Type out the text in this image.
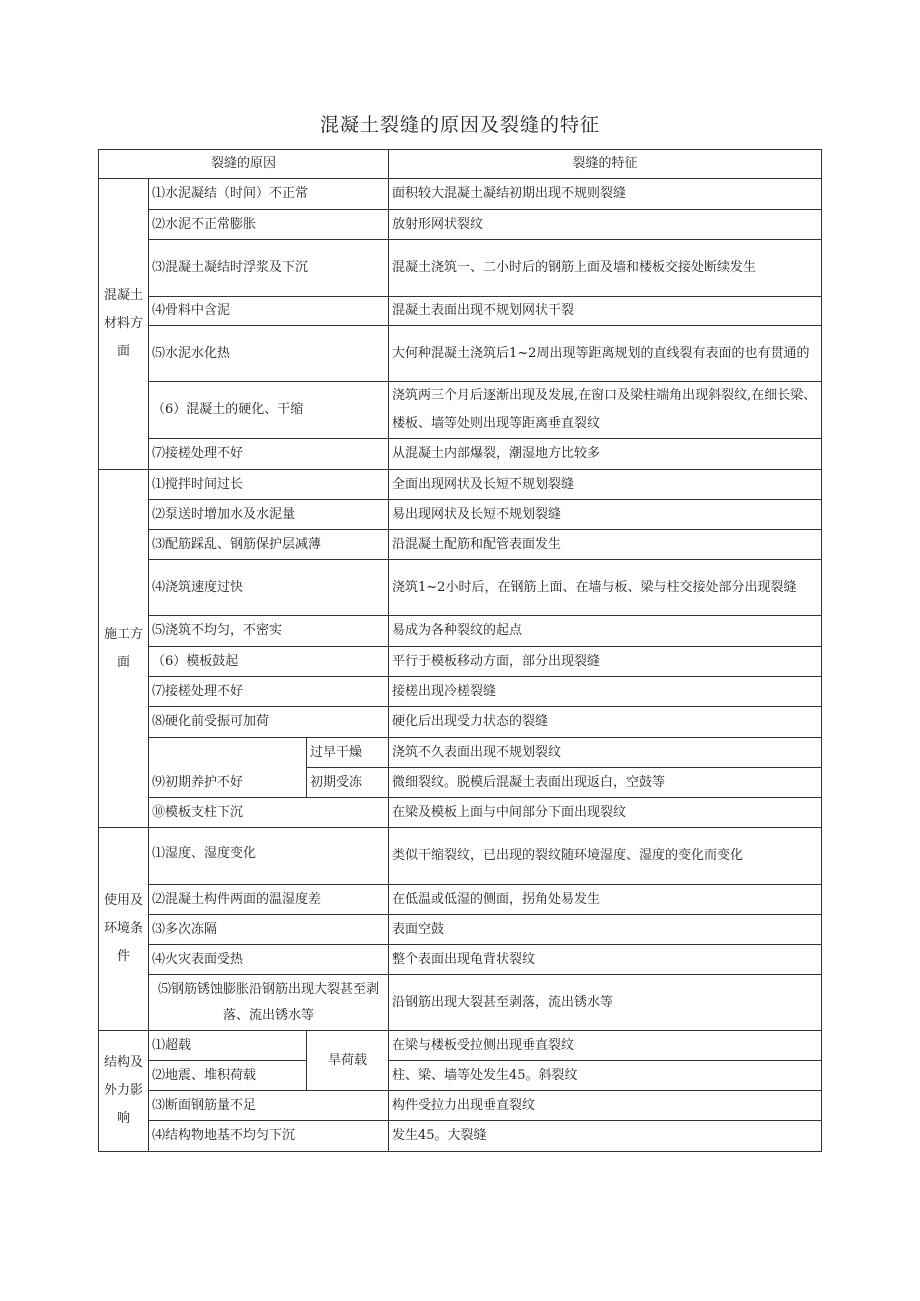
混凝土裂缝的原因及裂缝的特征
裂缝的原因			裂缝的特征
混凝土材料方面	⑴水泥凝结（时间）不正常		面积较大混凝土凝结初期出现不规则裂缝
	⑵水泥不正常膨胀		放射形网状裂纹
	⑶混凝土凝结时浮浆及下沉		混凝土浇筑一、二小时后的钢筋上面及墙和楼板交接处断续发生
	⑷骨料中含泥		混凝土表面出现不规划网状干裂
	⑸水泥水化热		大何种混凝土浇筑后1~2周出现等距离规划的直线裂有表面的也有贯通的
	（6）混凝土的硬化、干缩		浇筑两三个月后逐渐出现及发展,在窗口及梁柱端角出现斜裂纹,在细长梁、楼板、墙等处则出现等距离垂直裂纹
	⑺接槎处理不好		从混凝土内部爆裂，潮湿地方比较多
施工方面	⑴搅拌时间过长		全面出现网状及长短不规划裂缝
	⑵泵送时增加水及水泥量		易出现网状及长短不规划裂缝
	⑶配筋踩乱、钢筋保护层减薄		沿混凝土配筋和配管表面发生
	⑷浇筑速度过快		浇筑1~2小时后，在钢筋上面、在墙与板、梁与柱交接处部分出现裂缝
	⑸浇筑不均匀，不密实		易成为各种裂纹的起点
	（6）模板鼓起		平行于模板移动方面，部分出现裂缝
	⑺接槎处理不好		接槎出现冷槎裂缝
	⑻硬化前受振可加荷		硬化后出现受力状态的裂缝
	⑼初期养护不好	过早干燥	浇筑不久表面出现不规划裂纹
		初期受冻	微细裂纹。脱模后混凝土表面出现返白，空鼓等
	⑩模板支柱下沉		在梁及模板上面与中间部分下面出现裂纹
使用及环境条件	⑴湿度、湿度变化		类似干缩裂纹，已出现的裂纹随环境湿度、湿度的变化而变化
	⑵混凝土构件两面的温湿度差		在低温或低湿的侧面，拐角处易发生
	⑶多次冻隔		表面空鼓
	⑷火灾表面受热		整个表面出现龟背状裂纹
	⑸钢筋锈蚀膨胀沿钢筋出现大裂甚至剥落、流出锈水等		沿钢筋出现大裂甚至剥落，流出锈水等
结构及外力影响	⑴超载	旱荷载	在梁与楼板受拉侧出现垂直裂纹
	⑵地震、堆积荷载		柱、梁、墙等处发生45。斜裂纹
	⑶断面钢筋量不足		构件受拉力出现垂直裂纹
	⑷结构物地基不均匀下沉		发生45。大裂缝
